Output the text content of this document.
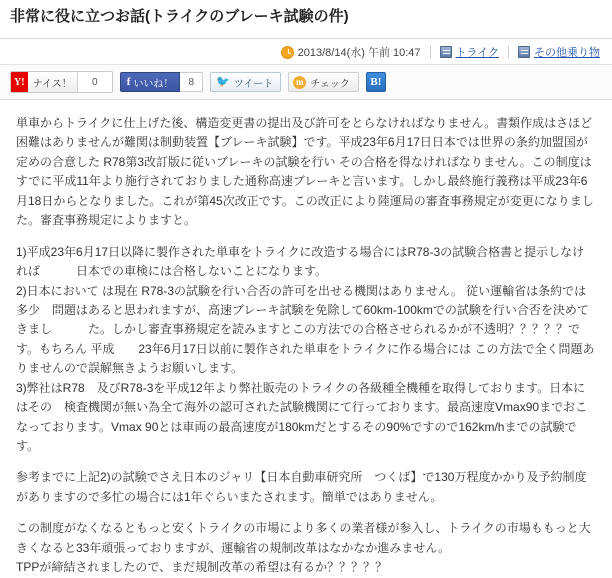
非常に役に立つお話(トライクのブレーキ試験の件)
2013/8/14(水) 午前 10:47	トライク	その他乗り物
Y! ナイス！	0	f いいね！	8	🐦 ツイート	m チェック	B!

単車からトライクに仕上げた後、構造変更書の提出及び許可をとらなければなりません。書類作成はさほど困難はありませんが難関は制動装置【ブレーキ試験】です。平成23年6月17日日本では世界の条約加盟国が定めの合意した R78第3改訂版に従いブレーキの試験を行い その合格を得なければなりません。この制度はすでに平成11年より施行されておりました通称高速ブレーキと言います。しかし最終施行義務は平成23年6月18日からとなりました。これが第45次改正です。この改正により陸運局の審査事務規定が変更になりました。審査事務規定によりますと。

1)平成23年6月17日以降に製作された単車をトライクに改造する場合にはR78-3の試験合格書と提示しなければ　　　日本での車検には合格しないことになります。

2)日本において は現在 R78-3の試験を行い合否の許可を出せる機関はありません。 従い運輸省は条約では多少　問題はあると思われますが、高速ブレーキ試験を免除して60km-100kmでの試験を行い合否を決めてきまし　　　た。しかし審査事務規定を読みますとこの方法での合格させられるかが不透明？？？？？です。もちろん 平成　　23年6月17日以前に製作された単車をトライクに作る場合には この方法で全く問題ありませんので誤解無きようお願いします。

3)弊社はR78　及びR78-3を平成12年より弊社販売のトライクの各級種全機種を取得しております。日本にはその　検査機関が無い為全て海外の認可された試験機関にて行っております。最高速度Vmax90までおこなっております。Vmax 90とは車両の最高速度が180kmだとするその90%ですので162km/hまでの試験です。

参考までに上記2)の試験でさえ日本のジャリ【日本自動車研究所　つくば】で130万程度かかり及予約制度がありますので多忙の場合には1年ぐらいまたされます。簡単ではありません。

この制度がなくなるともっと安くトライクの市場により多くの業者様が参入し、トライクの市場ももっと大きくなると33年頑張っておりますが、運輸省の規制改革はなかなか進みません。

TPPが締結されましたので、まだ規制改革の希望は有るか？？？？？
